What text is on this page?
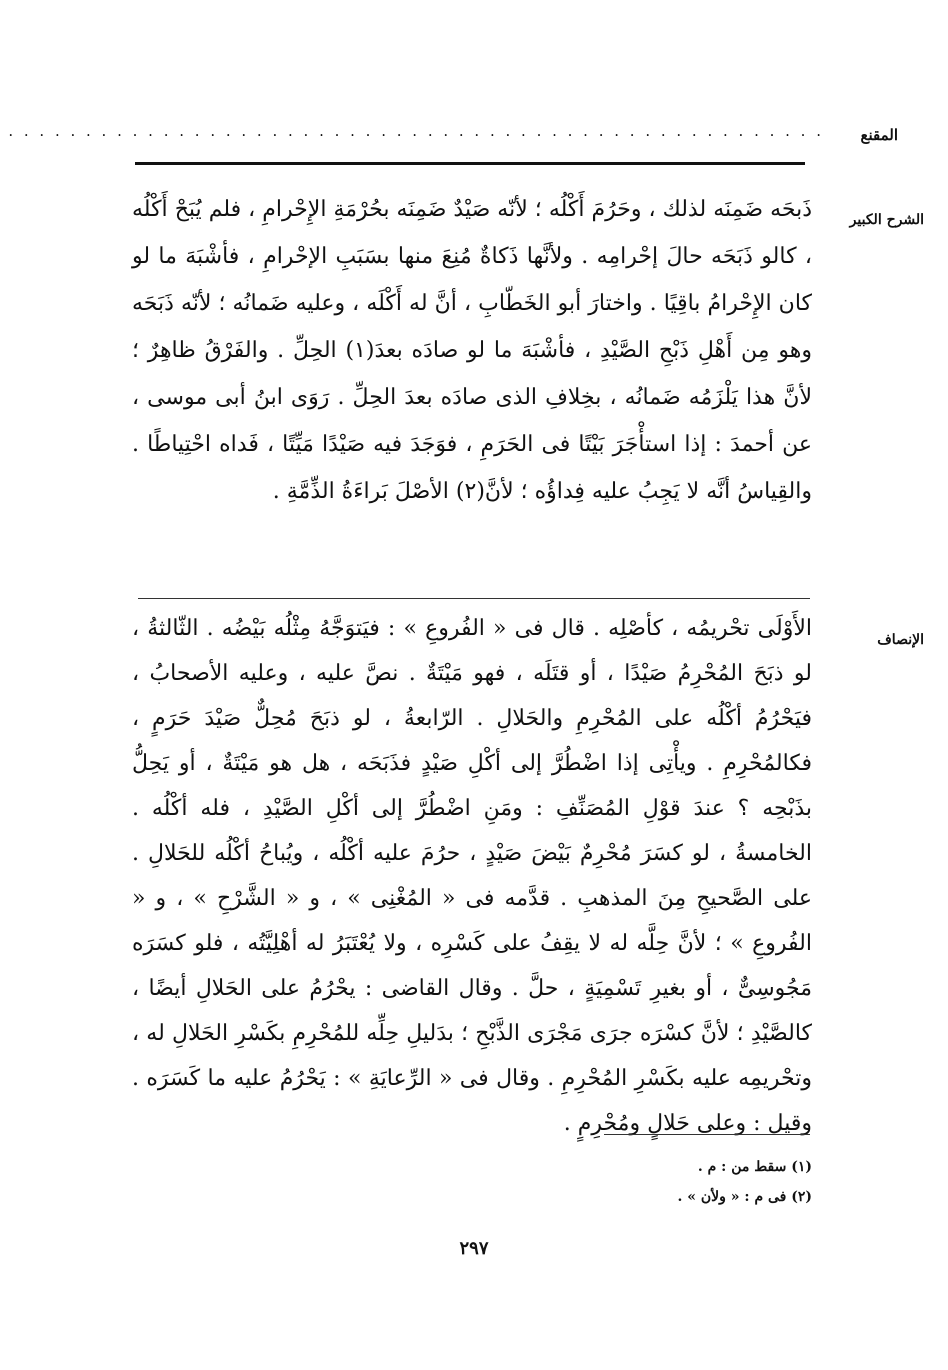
. . . . . . . . . . . . . . . . . . . . . . . . . . . . . . . . . . . . . . . . . . . . . . . . . . . . . المقنع
الشرح الكبير

ذَبحَه ضَمِنَه لذلك ، وحَرُمَ أَكْلُه ؛ لأنّه صَيْدٌ ضَمِنَه بحُرْمَةِ الإِحْرامِ ، فلم يُبَحْ أَكْلُه ، كالو ذَبَحَه حالَ إحْرامِه . ولأنَّها ذَكاةٌ مُنِعَ منها بسَبَبِ الإحْرامِ ، فأشْبَهَ ما لو كان الإِحْرامُ باقِيًا . واختارَ أبو الخَطّابِ ، أنَّ له أَكْلَه ، وعليه ضَمانُه ؛ لأنّه ذَبَحَه وهو مِن أَهْلِ ذَبْحِ الصَّيْدِ ، فأشْبَهَ ما لو صادَه بعدَ(١) الحِلِّ . والفَرْقُ ظاهِرٌ ؛ لأنَّ هذا يَلْزَمُه ضَمانُه ، بخِلافِ الذى صادَه بعدَ الحِلِّ . رَوَى ابنُ أبى موسى ، عن أحمدَ : إذا استأْجَرَ بَيْتًا فى الحَرَمِ ، فوَجَدَ فيه صَيْدًا مَيِّتًا ، فَداه احْتِياطًا . والقِياسُ أنَّه لا يَجِبُ عليه فِداؤُه ؛ لأنَّ(٢) الأصْلَ بَراءَةُ الذِّمَّةِ .

الإنصاف

الأَوْلَى تحْريمُه ، كأصْلِه . قال فى « الفُروعِ » : فيَتوَجَّهُ مِثْلُه بَيْضُه . الثّالثةُ ، لو ذبَحَ المُحْرِمُ صَيْدًا ، أو قتَلَه ، فهو مَيْتَةٌ . نصَّ عليه ، وعليه الأصحابُ ، فيَحْرُمُ أكْلُه على المُحْرِمِ والحَلالِ . الرّابعةُ ، لو ذبَحَ مُحِلٌّ صَيْدَ حَرَمٍ ، فكالمُحْرِمِ . ويأْتِى إذا اضْطُرَّ إلى أكْلِ صَيْدٍ فذَبَحَه ، هل هو مَيْتَةٌ ، أو يَحِلُّ بذَبْحِه ؟ عندَ قوْلِ المُصَنِّفِ : ومَنِ اضْطُرَّ إلى أكْلِ الصَّيْدِ ، فله أكْلُه . الخامسةُ ، لو كسَرَ مُحْرِمٌ بَيْضَ صَيْدٍ ، حرُمَ عليه أكْلُه ، ويُباحُ أكْلُه للحَلالِ . على الصَّحيحِ مِنَ المذهبِ . قدَّمه فى « المُغْنِى » ، و « الشَّرْحِ » ، و « الفُروعِ » ؛ لأنَّ حِلَّه له لا يقِفُ على كَسْرِه ، ولا يُعْتَبَرُ له أهْلِيَّتُه ، فلو كسَرَه مَجُوسِىٌّ ، أو بغيرِ تَسْمِيَةٍ ، حلَّ . وقال القاضى : يحْرُمُ على الحَلالِ أيضًا ، كالصَّيْدِ ؛ لأنَّ كسْرَه جرَى مَجْرَى الذَّبْحِ ؛ بدَليلِ حِلِّه للمُحْرِمِ بكَسْرِ الحَلالِ له ، وتحْريمِه عليه بكَسْرِ المُحْرِمِ . وقال فى « الرِّعايَةِ » : يَحْرُمُ عليه ما كَسَرَه . وقيل : وعلى حَلالٍ ومُحْرِمٍ .

(١) سقط من : م .
(٢) فى م : « ولأن » .
٢٩٧
